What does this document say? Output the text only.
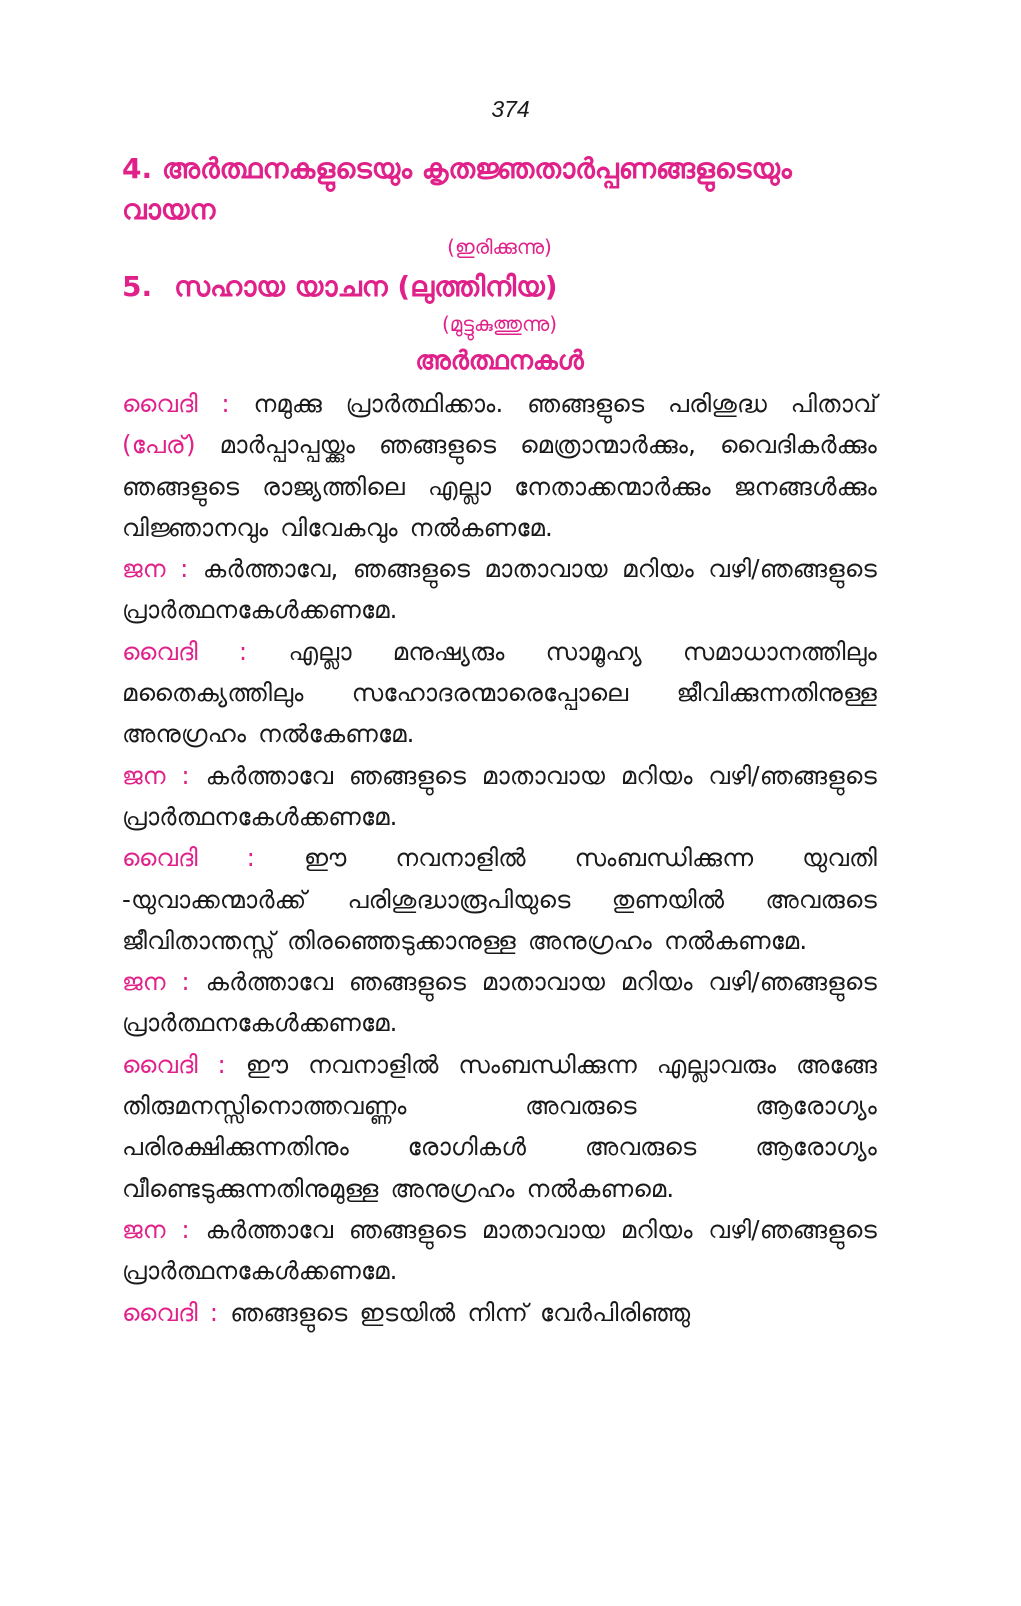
374

4. അർത്ഥനകളുടെയും കൃതജ്ഞതാർപ്പണങ്ങളുടെയും വായന

(ഇരിക്കുന്നു)

5. സഹായ യാചന (ലുത്തിനിയ)

(മുട്ടുകുത്തുന്നു)

അർത്ഥനകൾ

വൈദി : നമുക്കു പ്രാർത്ഥിക്കാം. ഞങ്ങളുടെ പരിശുദ്ധ പിതാവ് (പേര്) മാർപ്പാപ്പയ്ക്കും ഞങ്ങളുടെ മെത്രാന്മാർക്കും, വൈദികർക്കും ഞങ്ങളുടെ രാജ്യത്തിലെ എല്ലാ നേതാക്കന്മാർക്കും ജനങ്ങൾക്കും വിജ്ഞാനവും വിവേകവും നൽകണമേ.

ജന : കർത്താവേ, ഞങ്ങളുടെ മാതാവായ മറിയം വഴി/ഞങ്ങളുടെ പ്രാർത്ഥനകേൾക്കണമേ.

വൈദി : എല്ലാ മനുഷ്യരും സാമൂഹ്യ സമാധാനത്തിലും മതൈക്യത്തിലും സഹോദരന്മാരെപ്പോലെ ജീവിക്കുന്നതിനുള്ള അനുഗ്രഹം നൽകേണമേ.

ജന : കർത്താവേ ഞങ്ങളുടെ മാതാവായ മറിയം വഴി/ഞങ്ങളുടെ പ്രാർത്ഥനകേൾക്കണമേ.

വൈദി : ഈ നവനാളിൽ സംബന്ധിക്കുന്ന യുവതി -യുവാക്കന്മാർക്ക് പരിശുദ്ധാരൂപിയുടെ തുണയിൽ അവരുടെ ജീവിതാന്തസ്സ് തിരഞ്ഞെടുക്കാനുള്ള അനുഗ്രഹം നൽകണമേ.

ജന : കർത്താവേ ഞങ്ങളുടെ മാതാവായ മറിയം വഴി/ഞങ്ങളുടെ പ്രാർത്ഥനകേൾക്കണമേ.

വൈദി : ഈ നവനാളിൽ സംബന്ധിക്കുന്ന എല്ലാവരും അങ്ങേ തിരുമനസ്സിനൊത്തവണ്ണം അവരുടെ ആരോഗ്യം പരിരക്ഷിക്കുന്നതിനും രോഗികൾ അവരുടെ ആരോഗ്യം വീണ്ടെടുക്കുന്നതിനുമുള്ള അനുഗ്രഹം നൽകണമെ.

ജന : കർത്താവേ ഞങ്ങളുടെ മാതാവായ മറിയം വഴി/ഞങ്ങളുടെ പ്രാർത്ഥനകേൾക്കണമേ.

വൈദി : ഞങ്ങളുടെ ഇടയിൽ നിന്ന് വേർപിരിഞ്ഞു
